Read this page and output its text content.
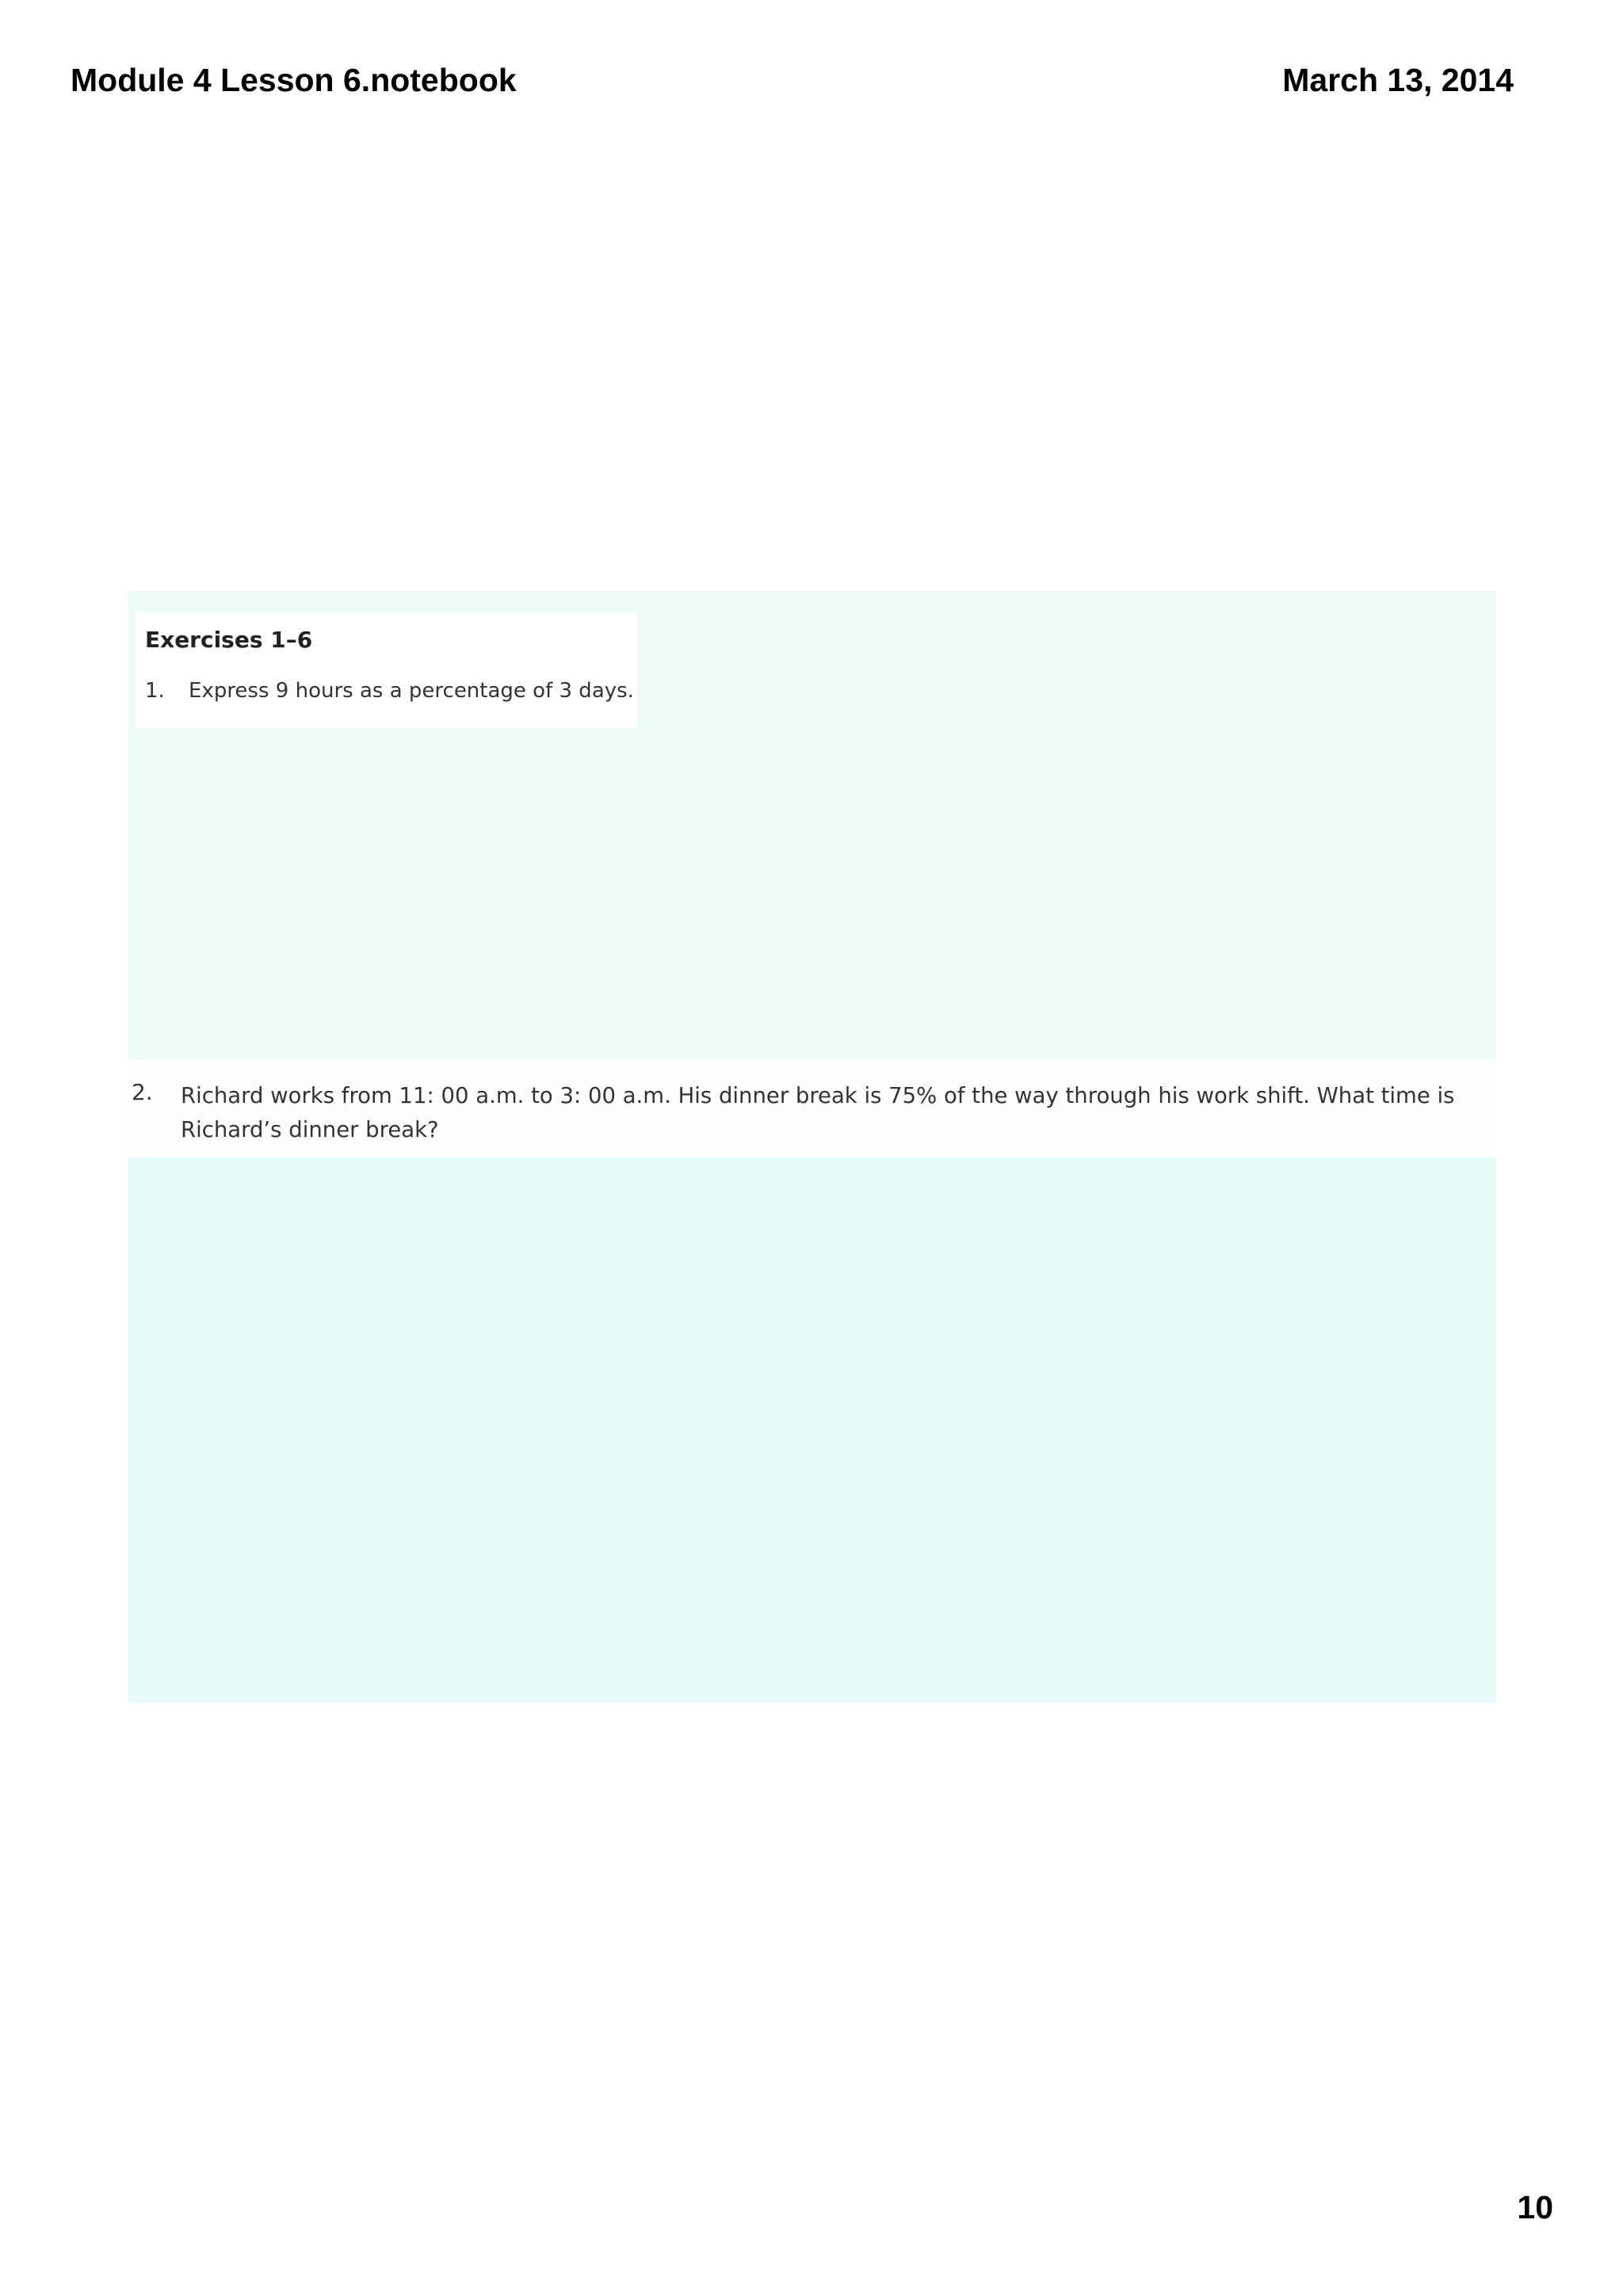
Module 4 Lesson 6.notebook	March 13, 2014
Exercises 1–6
1. Express 9 hours as a percentage of 3 days.
2. Richard works from 11: 00 a.m. to 3: 00 a.m. His dinner break is 75% of the way through his work shift. What time is Richard’s dinner break?
10
